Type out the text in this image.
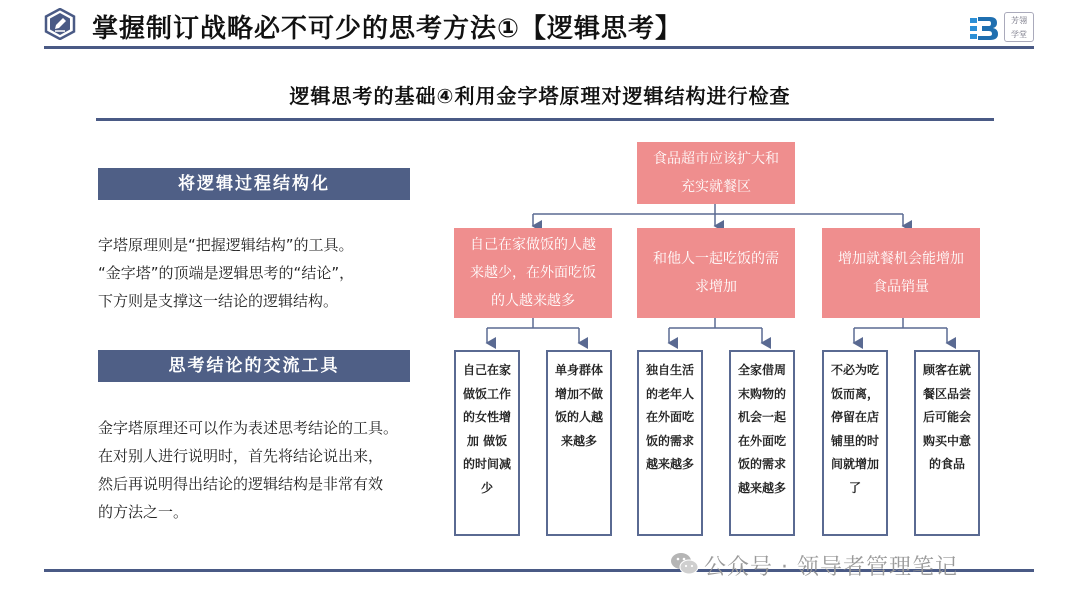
掌握制订战略必不可少的思考方法①【逻辑思考】	芳翎
学堂
逻辑思考的基础④利用金字塔原理对逻辑结构进行检查
将逻辑过程结构化
字塔原理则是“把握逻辑结构”的工具。
“金字塔”的顶端是逻辑思考的“结论”，
下方则是支撑这一结论的逻辑结构。
思考结论的交流工具
金字塔原理还可以作为表述思考结论的工具。
在对别人进行说明时，首先将结论说出来，
然后再说明得出结论的逻辑结构是非常有效
的方法之一。
食品超市应该扩大和
充实就餐区
自己在家做饭的人越
来越少，在外面吃饭
的人越来越多
和他人一起吃饭的需
求增加
增加就餐机会能增加
食品销量
自己在家做饭工作的女性增加 做饭的时间减少
单身群体增加不做饭的人越来越多
独自生活的老年人在外面吃饭的需求越来越多
全家借周末购物的机会一起在外面吃饭的需求越来越多
不必为吃饭而离，停留在店铺里的时间就增加了
顾客在就餐区品尝后可能会购买中意的食品
公众号 · 领导者管理笔记
